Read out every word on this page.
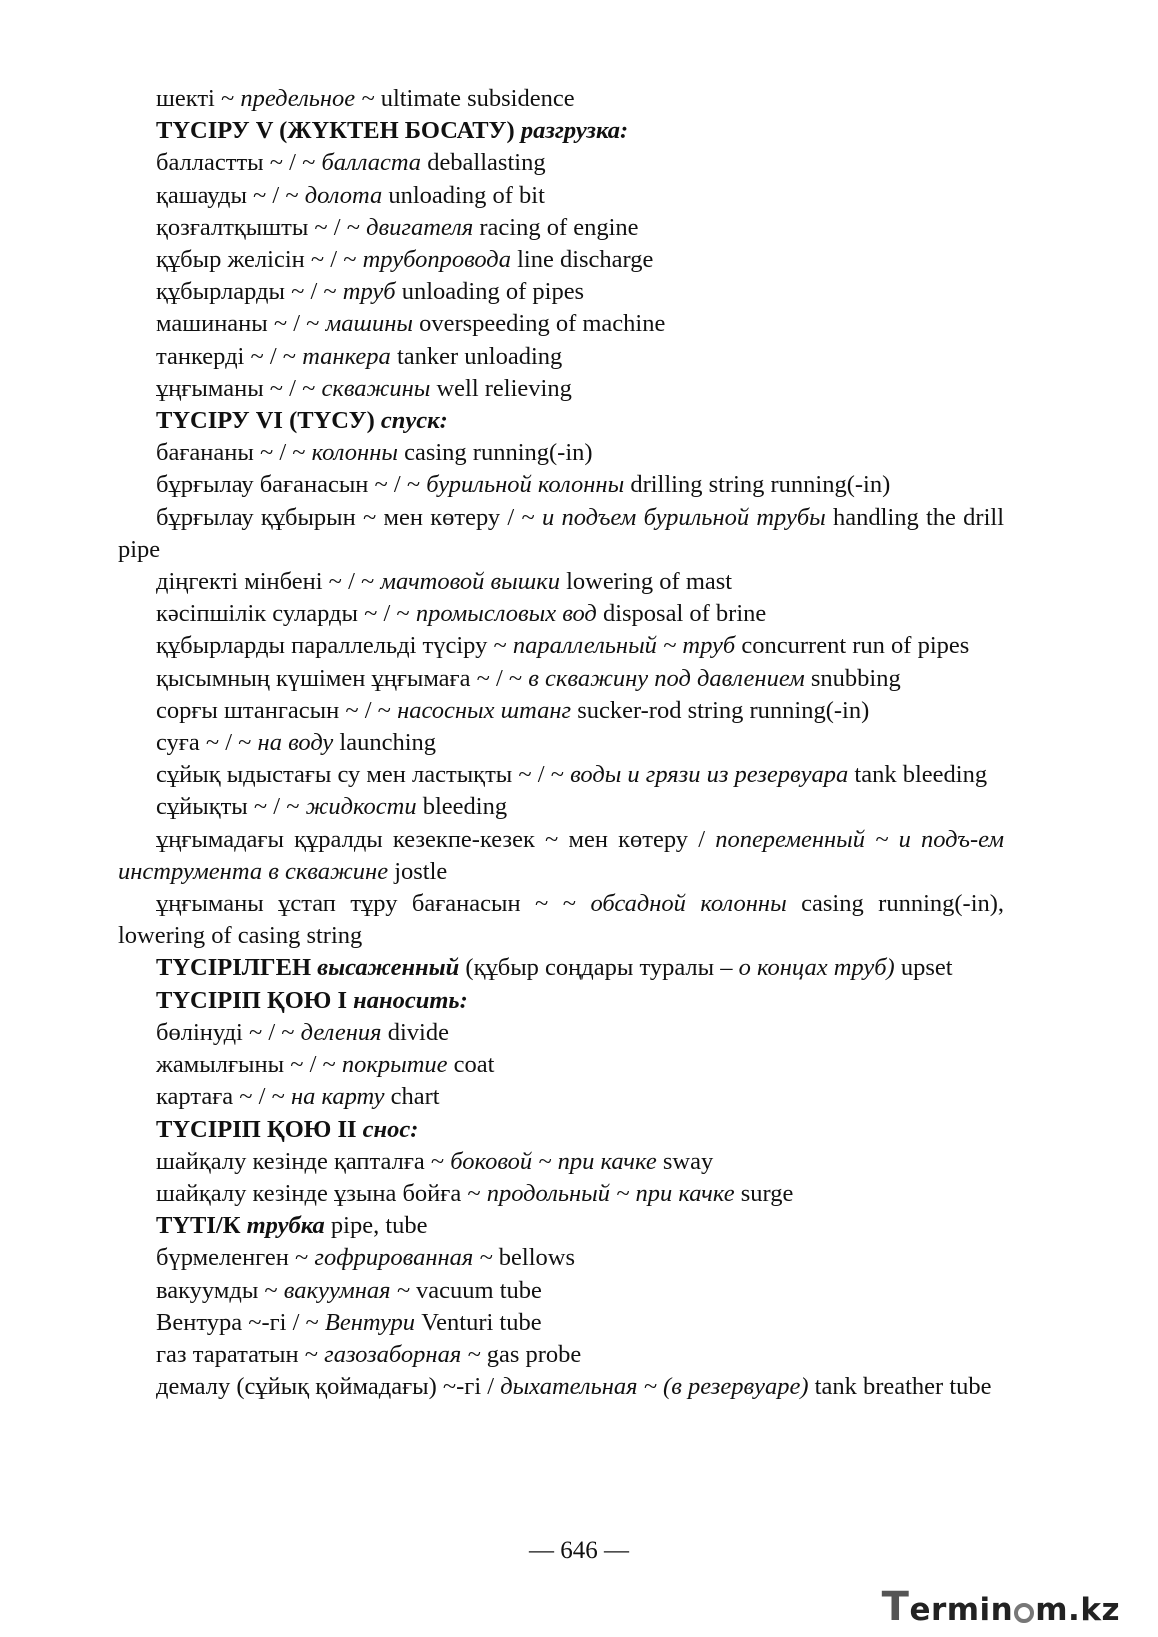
шекті ~ предельное ~ ultimate subsidence
ТҮСІРУ V (ЖҮКТЕН БОСАТУ) разгрузка:
балластты ~ / ~ балласта deballasting
қашауды ~ / ~ долота unloading of bit
қозғалтқышты ~ / ~ двигателя racing of engine
құбыр желісін ~ / ~ трубопровода line discharge
құбырларды ~ / ~ труб unloading of pipes
машинаны ~ / ~ машины overspeeding of machine
танкерді ~ / ~ танкера tanker unloading
ұңғыманы ~ / ~ скважины well relieving
ТҮСІРУ VI (ТҮСУ) спуск:
бағананы ~ / ~ колонны casing running(-in)
бұрғылау бағанасын ~ / ~ бурильной колонны drilling string running(-in)
бұрғылау құбырын ~ мен көтеру / ~ и подъем бурильной трубы handling the drill pipe
діңгекті мінбені ~ / ~ мачтовой вышки lowering of mast
кәсіпшілік суларды ~ / ~ промысловых вод disposal of brine
құбырларды параллельді түсіру ~ параллельный ~ труб concurrent run of pipes
қысымның күшімен ұңғымаға ~ / ~ в скважину под давлением snubbing
сорғы штангасын ~ / ~ насосных штанг sucker-rod string running(-in)
суға ~ / ~ на воду launching
сұйық ыдыстағы су мен ластықты ~ / ~ воды и грязи из резервуара tank bleeding
сұйықты ~ / ~ жидкости bleeding
ұңғымадағы құралды кезекпе-кезек ~ мен көтеру / попеременный ~ и подъ-ем инструмента в скважине jostle
ұңғыманы ұстап тұру бағанасын ~ ~ обсадной колонны casing running(-in), lowering of casing string
ТҮСІРІЛГЕН высаженный (құбыр соңдары туралы – о концах труб) upset
ТҮСІРІП ҚОЮ I наносить:
бөлінуді ~ / ~ деления divide
жамылғыны ~ / ~ покрытие coat
картаға ~ / ~ на карту chart
ТҮСІРІП ҚОЮ II снос:
шайқалу кезінде қапталға ~ боковой ~ при качке sway
шайқалу кезінде ұзына бойға ~ продольный ~ при качке surge
ТҮТІ/К трубка pipe, tube
бүрмеленген ~ гофрированная ~ bellows
вакуумды ~ вакуумная ~ vacuum tube
Вентура ~-гі / ~ Вентури Venturi tube
газ тарататын ~ газозаборная ~ gas probe
демалу (сұйық қоймадағы) ~-гі / дыхательная ~ (в резервуаре) tank breather tube
— 646 —
Termin m.kz
